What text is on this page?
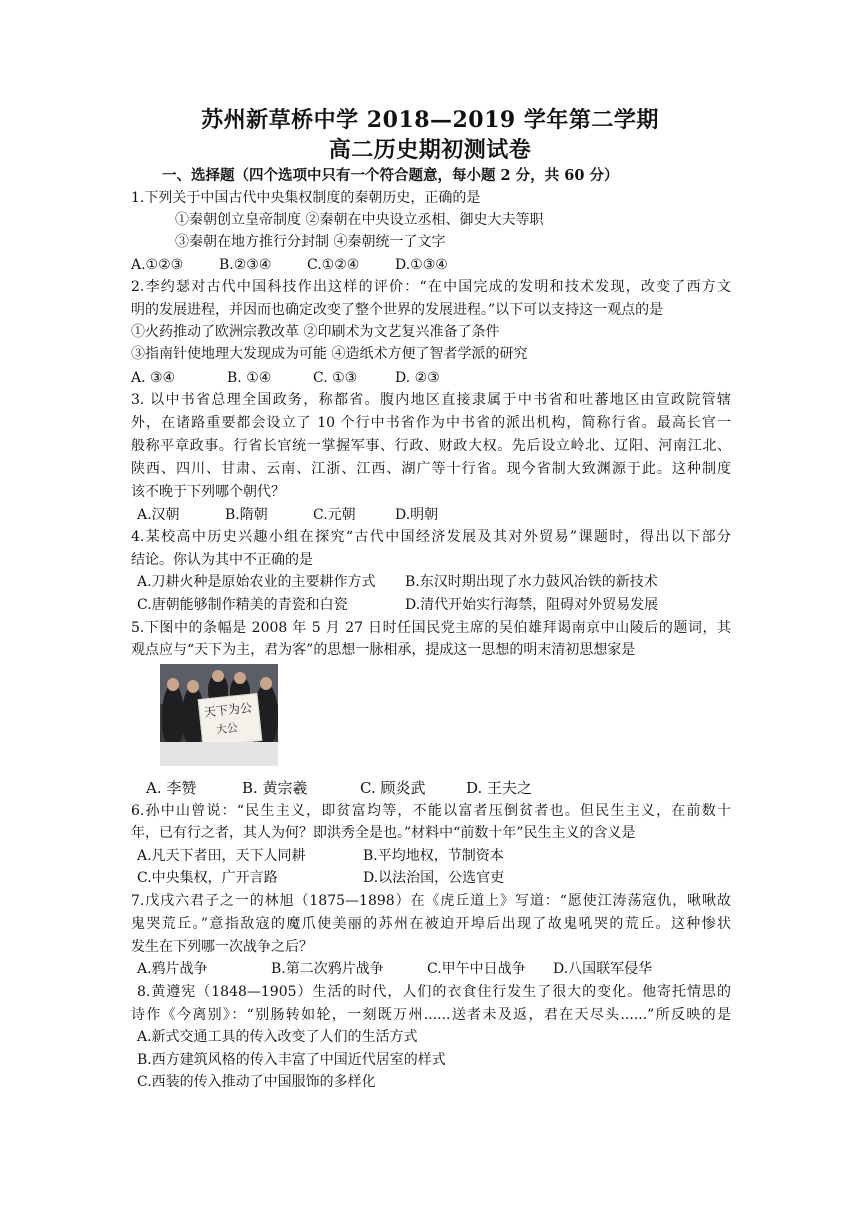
苏州新草桥中学 2018—2019 学年第二学期
高二历史期初测试卷
一、选择题（四个选项中只有一个符合题意，每小题 2 分，共 60 分）
1.下列关于中国古代中央集权制度的秦朝历史，正确的是
①秦朝创立皇帝制度 ②秦朝在中央设立丞相、御史大夫等职
③秦朝在地方推行分封制 ④秦朝统一了文字
A.①②③	B.②③④	C.①②④	D.①③④
2.李约瑟对古代中国科技作出这样的评价：“在中国完成的发明和技术发现，改变了西方文
明的发展进程，并因而也确定改变了整个世界的发展进程。”以下可以支持这一观点的是
①火药推动了欧洲宗教改革 ②印刷术为文艺复兴准备了条件
③指南针使地理大发现成为可能 ④造纸术方便了智者学派的研究
A. ③④	B. ①④	C. ①③	D. ②③
3. 以中书省总理全国政务，称都省。腹内地区直接隶属于中书省和吐蕃地区由宣政院管辖
外，在诸路重要都会设立了 10 个行中书省作为中书省的派出机构，简称行省。最高长官一
般称平章政事。行省长官统一掌握军事、行政、财政大权。先后设立岭北、辽阳、河南江北、
陕西、四川、甘肃、云南、江浙、江西、湖广等十行省。现今省制大致渊源于此。这种制度
该不晚于下列哪个朝代？
A.汉朝	B.隋朝	C.元朝	D.明朝
4.某校高中历史兴趣小组在探究“古代中国经济发展及其对外贸易”课题时，得出以下部分
结论。你认为其中不正确的是
A.刀耕火种是原始农业的主要耕作方式 B.东汉时期出现了水力鼓风冶铁的新技术
C.唐朝能够制作精美的青瓷和白瓷	D.清代开始实行海禁，阻碍对外贸易发展
5.下图中的条幅是 2008 年 5 月 27 日时任国民党主席的吴伯雄拜谒南京中山陵后的题词，其
观点应与“天下为主，君为客”的思想一脉相承，提成这一思想的明末清初思想家是
天下为公
大公
A. 李赞	B. 黄宗羲	C. 顾炎武	D. 王夫之
6.孙中山曾说：“民生主义，即贫富均等，不能以富者压倒贫者也。但民生主义，在前数十
年，已有行之者，其人为何？即洪秀全是也。”材料中“前数十年”民生主义的含义是
A.凡天下者田，天下人同耕	B.平均地权，节制资本
C.中央集权，广开言路	D.以法治国，公选官吏
7.戊戌六君子之一的林旭（1875—1898）在《虎丘道上》写道：“愿使江涛荡寇仇，啾啾故
鬼哭荒丘。”意指敌寇的魔爪使美丽的苏州在被迫开埠后出现了故鬼吼哭的荒丘。这种惨状
发生在下列哪一次战争之后？
A.鸦片战争	B.第二次鸦片战争	C.甲午中日战争 D.八国联军侵华
8.黄遵宪（1848—1905）生活的时代，人们的衣食住行发生了很大的变化。他寄托情思的
诗作《今离别》：“别肠转如轮，一刻既万州......送者未及返，君在天尽头......”所反映的是
A.新式交通工具的传入改变了人们的生活方式
B.西方建筑风格的传入丰富了中国近代居室的样式
C.西装的传入推动了中国服饰的多样化
